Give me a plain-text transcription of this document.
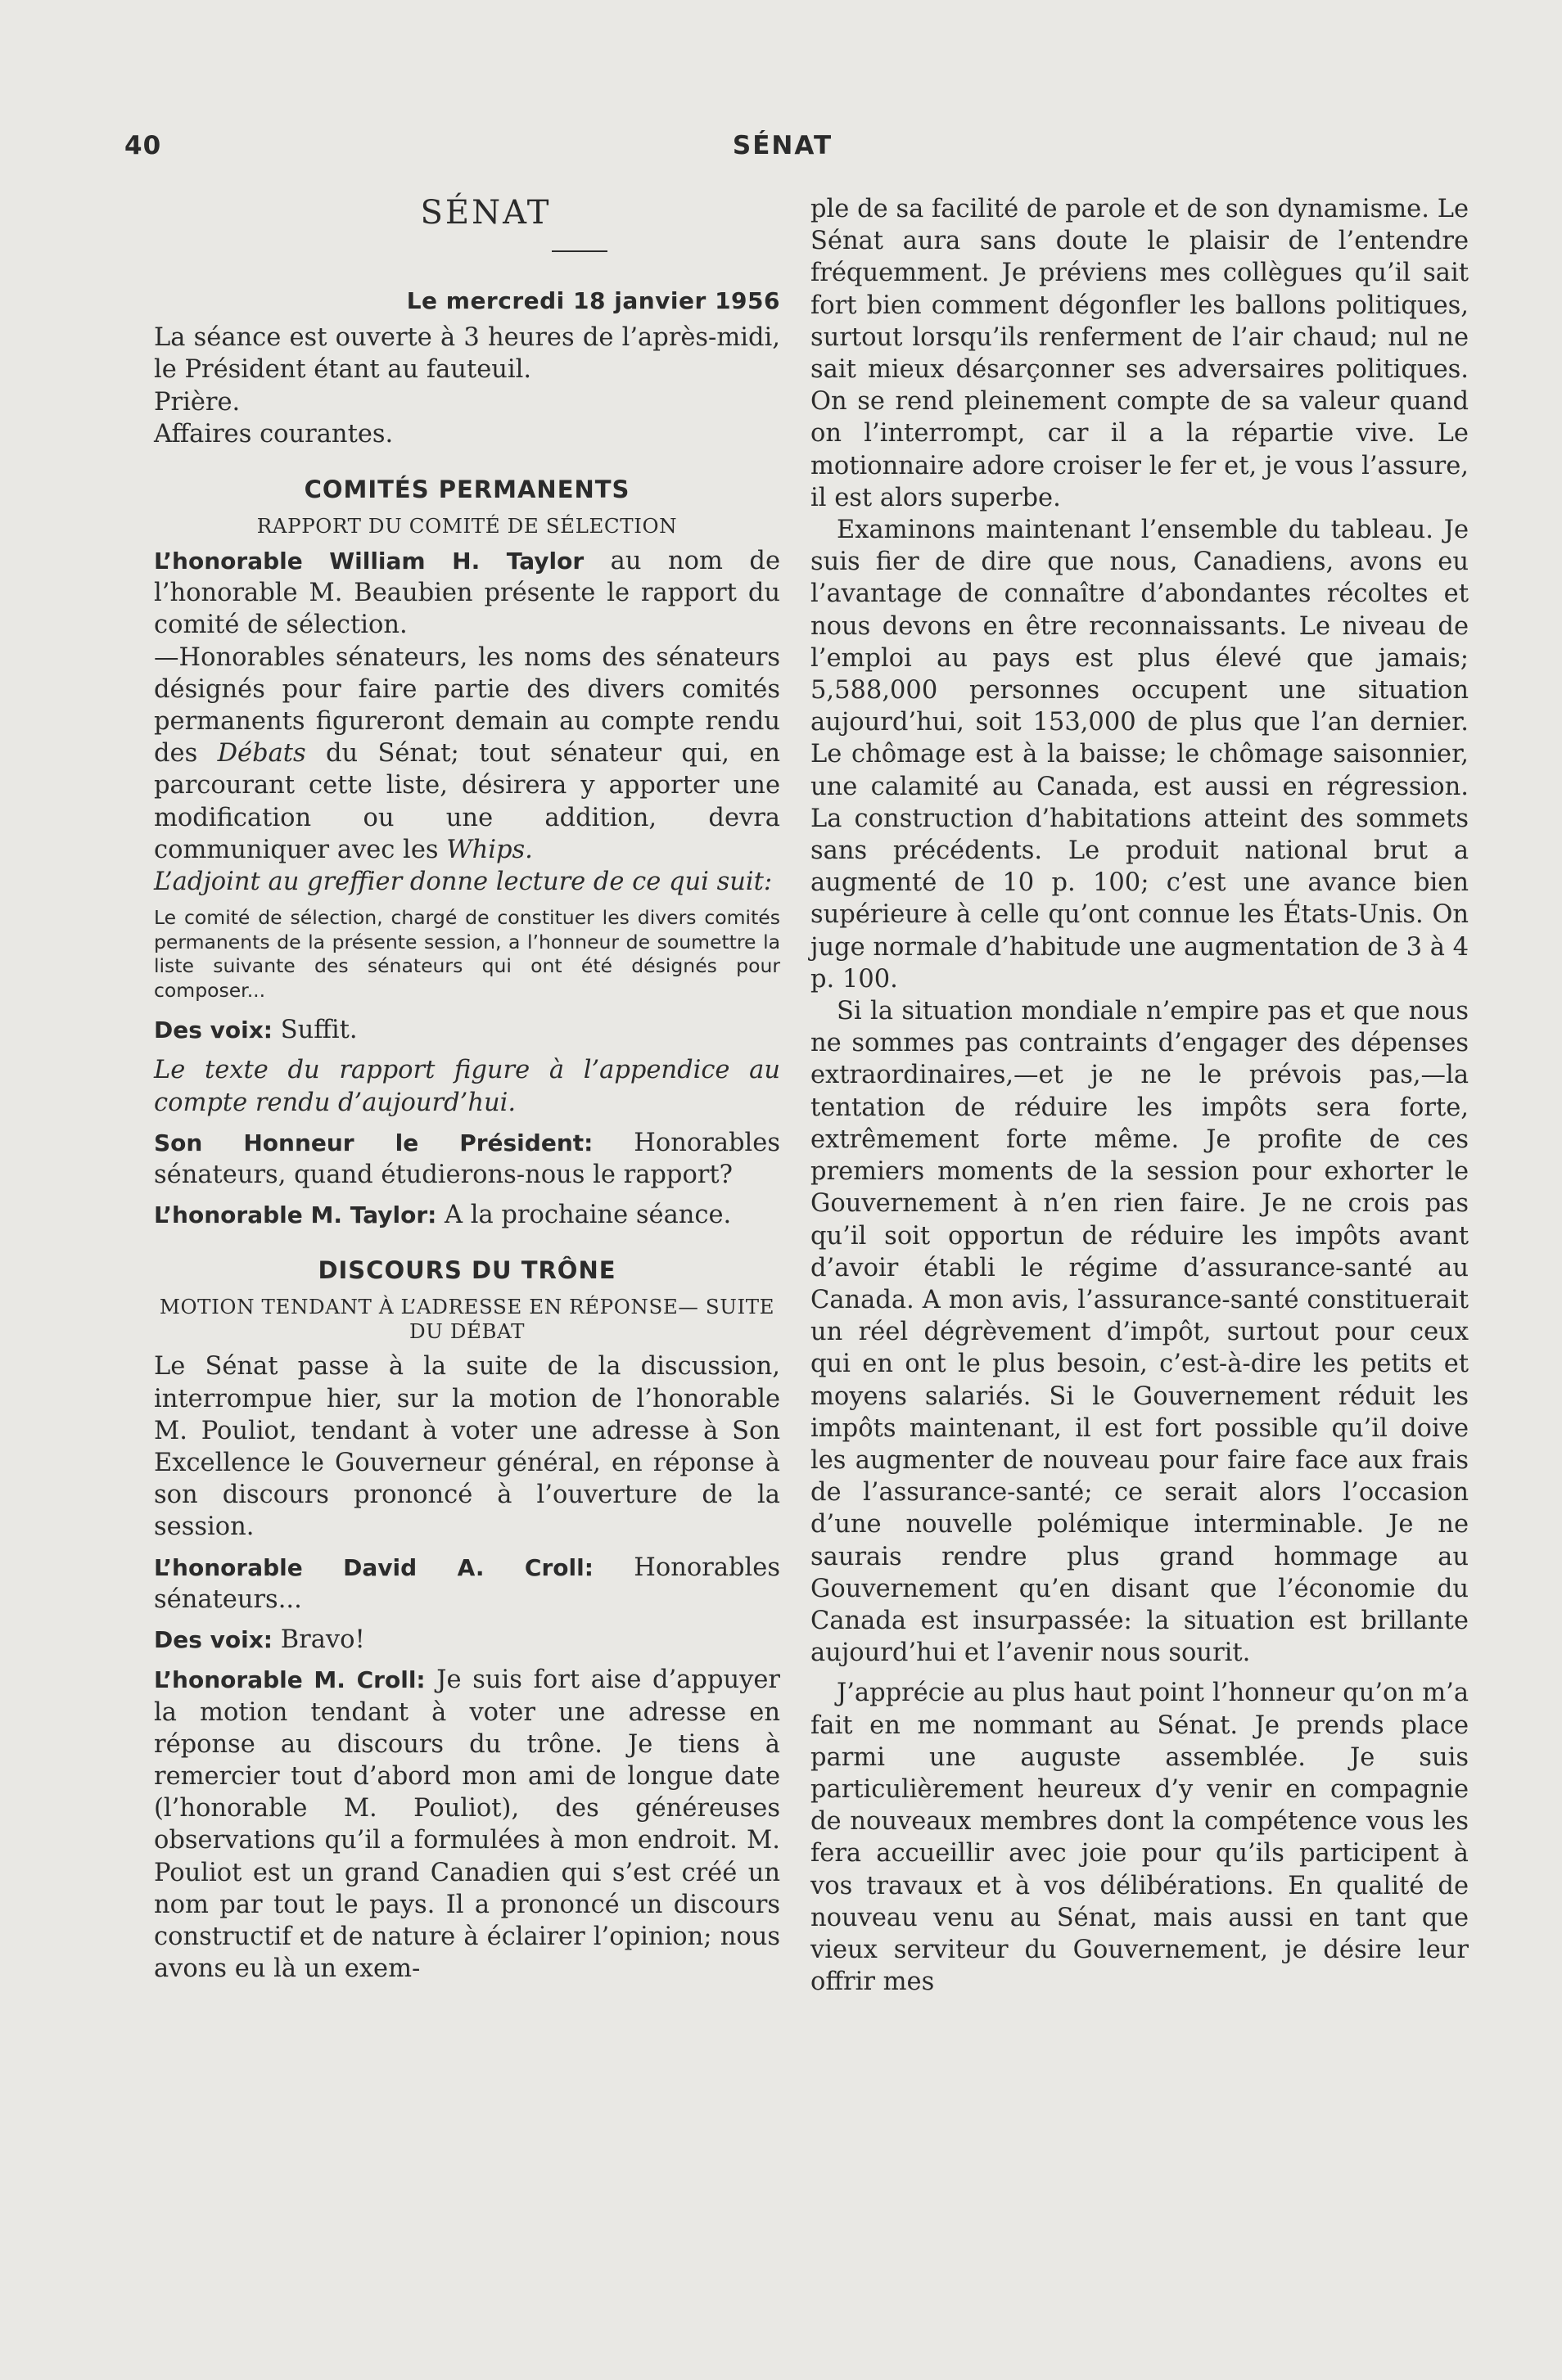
40	SÉNAT

SÉNAT

Le mercredi 18 janvier 1956

La séance est ouverte à 3 heures de l’après-midi, le Président étant au fauteuil.

Prière.

Affaires courantes.

COMITÉS PERMANENTS

RAPPORT DU COMITÉ DE SÉLECTION

L’honorable William H. Taylor au nom de l’honorable M. Beaubien présente le rapport du comité de sélection.

—Honorables sénateurs, les noms des sénateurs désignés pour faire partie des divers comités permanents figureront demain au compte rendu des Débats du Sénat; tout sénateur qui, en parcourant cette liste, désirera y apporter une modification ou une addition, devra communiquer avec les Whips.

L’adjoint au greffier donne lecture de ce qui suit:

Le comité de sélection, chargé de constituer les divers comités permanents de la présente session, a l’honneur de soumettre la liste suivante des sénateurs qui ont été désignés pour composer...

Des voix: Suffit.

Le texte du rapport figure à l’appendice au compte rendu d’aujourd’hui.

Son Honneur le Président: Honorables sénateurs, quand étudierons-nous le rapport?

L’honorable M. Taylor: A la prochaine séance.

DISCOURS DU TRÔNE

MOTION TENDANT À L’ADRESSE EN RÉPONSE— SUITE DU DÉBAT

Le Sénat passe à la suite de la discussion, interrompue hier, sur la motion de l’honorable M. Pouliot, tendant à voter une adresse à Son Excellence le Gouverneur général, en réponse à son discours prononcé à l’ouverture de la session.

L’honorable David A. Croll: Honorables sénateurs...

Des voix: Bravo!

L’honorable M. Croll: Je suis fort aise d’appuyer la motion tendant à voter une adresse en réponse au discours du trône. Je tiens à remercier tout d’abord mon ami de longue date (l’honorable M. Pouliot), des généreuses observations qu’il a formulées à mon endroit. M. Pouliot est un grand Canadien qui s’est créé un nom par tout le pays. Il a prononcé un discours constructif et de nature à éclairer l’opinion; nous avons eu là un exem-

ple de sa facilité de parole et de son dynamisme. Le Sénat aura sans doute le plaisir de l’entendre fréquemment. Je préviens mes collègues qu’il sait fort bien comment dégonfler les ballons politiques, surtout lorsqu’ils renferment de l’air chaud; nul ne sait mieux désarçonner ses adversaires politiques. On se rend pleinement compte de sa valeur quand on l’interrompt, car il a la répartie vive. Le motionnaire adore croiser le fer et, je vous l’assure, il est alors superbe.

Examinons maintenant l’ensemble du tableau. Je suis fier de dire que nous, Canadiens, avons eu l’avantage de connaître d’abondantes récoltes et nous devons en être reconnaissants. Le niveau de l’emploi au pays est plus élevé que jamais; 5,588,000 personnes occupent une situation aujourd’hui, soit 153,000 de plus que l’an dernier. Le chômage est à la baisse; le chômage saisonnier, une calamité au Canada, est aussi en régression. La construction d’habitations atteint des sommets sans précédents. Le produit national brut a augmenté de 10 p. 100; c’est une avance bien supérieure à celle qu’ont connue les États-Unis. On juge normale d’habitude une augmentation de 3 à 4 p. 100.

Si la situation mondiale n’empire pas et que nous ne sommes pas contraints d’engager des dépenses extraordinaires,—et je ne le prévois pas,—la tentation de réduire les impôts sera forte, extrêmement forte même. Je profite de ces premiers moments de la session pour exhorter le Gouvernement à n’en rien faire. Je ne crois pas qu’il soit opportun de réduire les impôts avant d’avoir établi le régime d’assurance-santé au Canada. A mon avis, l’assurance-santé constituerait un réel dégrèvement d’impôt, surtout pour ceux qui en ont le plus besoin, c’est-à-dire les petits et moyens salariés. Si le Gouvernement réduit les impôts maintenant, il est fort possible qu’il doive les augmenter de nouveau pour faire face aux frais de l’assurance-santé; ce serait alors l’occasion d’une nouvelle polémique interminable. Je ne saurais rendre plus grand hommage au Gouvernement qu’en disant que l’économie du Canada est insurpassée: la situation est brillante aujourd’hui et l’avenir nous sourit.

J’apprécie au plus haut point l’honneur qu’on m’a fait en me nommant au Sénat. Je prends place parmi une auguste assemblée. Je suis particulièrement heureux d’y venir en compagnie de nouveaux membres dont la compétence vous les fera accueillir avec joie pour qu’ils participent à vos travaux et à vos délibérations. En qualité de nouveau venu au Sénat, mais aussi en tant que vieux serviteur du Gouvernement, je désire leur offrir mes
